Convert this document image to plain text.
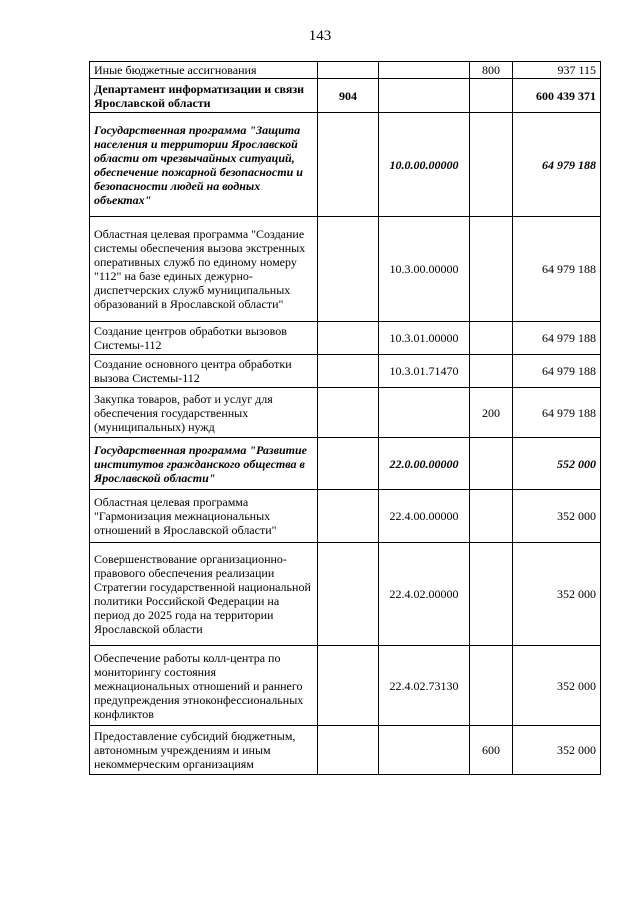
143
Иные бюджетные ассигнования			800	937 115
Департамент информатизации и связи Ярославской области	904			600 439 371
Государственная программа "Защита населения и территории Ярославской области от чрезвычайных ситуаций, обеспечение пожарной безопасности и безопасности людей на водных объектах"		10.0.00.00000		64 979 188
Областная целевая программа "Создание системы обеспечения вызова экстренных оперативных служб по единому номеру "112" на базе единых дежурно-диспетчерских служб муниципальных образований в Ярославской области"		10.3.00.00000		64 979 188
Создание центров обработки вызовов Системы-112		10.3.01.00000		64 979 188
Создание основного центра обработки вызова Системы-112		10.3.01.71470		64 979 188
Закупка товаров, работ и услуг для обеспечения государственных (муниципальных) нужд			200	64 979 188
Государственная программа "Развитие институтов гражданского общества в Ярославской области"		22.0.00.00000		552 000
Областная целевая программа "Гармонизация межнациональных отношений в Ярославской области"		22.4.00.00000		352 000
Совершенствование организационно-правового обеспечения реализации Стратегии государственной национальной политики Российской Федерации на период до 2025 года на территории Ярославской области		22.4.02.00000		352 000
Обеспечение работы колл-центра по мониторингу состояния межнациональных отношений и раннего предупреждения этноконфессиональных конфликтов		22.4.02.73130		352 000
Предоставление субсидий бюджетным, автономным учреждениям и иным некоммерческим организациям			600	352 000
